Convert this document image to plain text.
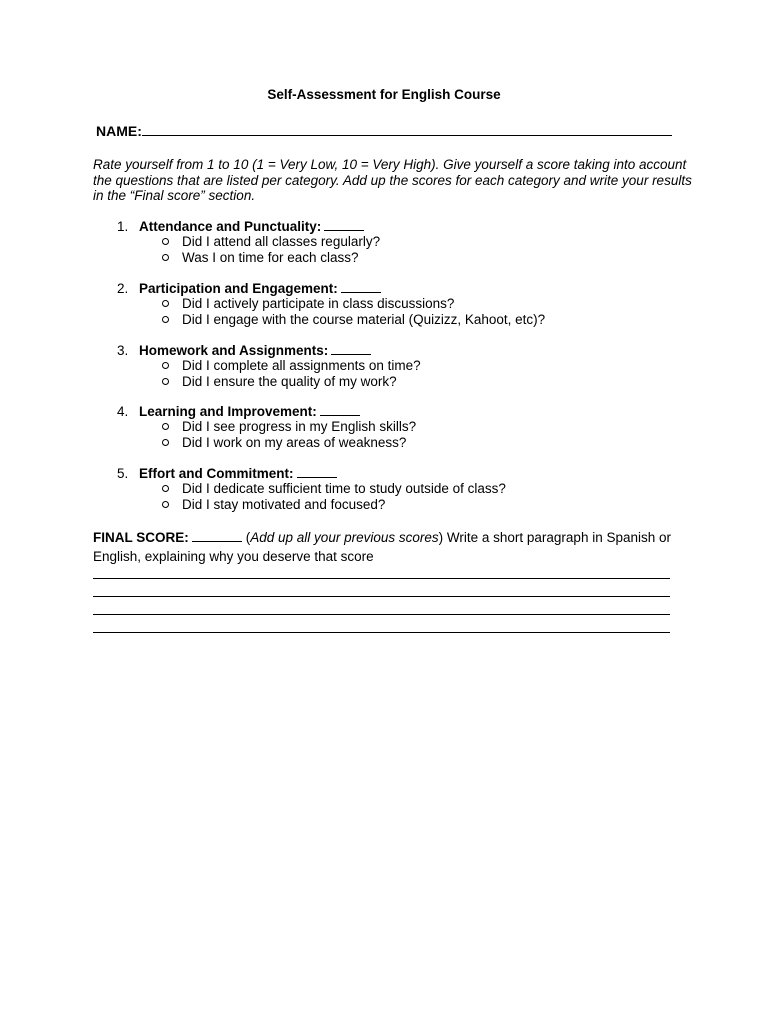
Self-Assessment for English Course
NAME:
Rate yourself from 1 to 10 (1 = Very Low, 10 = Very High). Give yourself a score taking into account the questions that are listed per category. Add up the scores for each category and write your results in the “Final score” section.
1. Attendance and Punctuality:
Did I attend all classes regularly?
Was I on time for each class?
2. Participation and Engagement:
Did I actively participate in class discussions?
Did I engage with the course material (Quizizz, Kahoot, etc)?
3. Homework and Assignments:
Did I complete all assignments on time?
Did I ensure the quality of my work?
4. Learning and Improvement:
Did I see progress in my English skills?
Did I work on my areas of weakness?
5. Effort and Commitment:
Did I dedicate sufficient time to study outside of class?
Did I stay motivated and focused?
FINAL SCORE:	(Add up all your previous scores) Write a short paragraph in Spanish or English, explaining why you deserve that score
